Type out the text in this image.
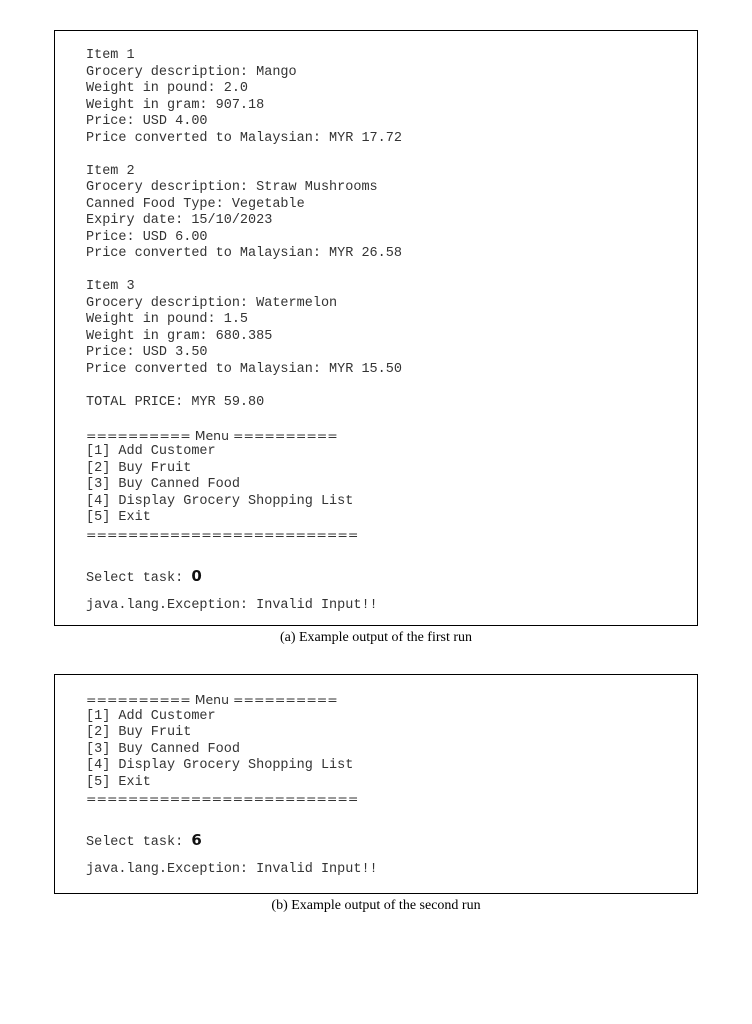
Item 1
Grocery description: Mango
Weight in pound: 2.0
Weight in gram: 907.18
Price: USD 4.00
Price converted to Malaysian: MYR 17.72
Item 2
Grocery description: Straw Mushrooms
Canned Food Type: Vegetable
Expiry date: 15/10/2023
Price: USD 6.00
Price converted to Malaysian: MYR 26.58
Item 3
Grocery description: Watermelon
Weight in pound: 1.5
Weight in gram: 680.385
Price: USD 3.50
Price converted to Malaysian: MYR 15.50
TOTAL PRICE: MYR 59.80
========== Menu ==========
[1] Add Customer
[2] Buy Fruit
[3] Buy Canned Food
[4] Display Grocery Shopping List
[5] Exit
==========================
Select task: 0
java.lang.Exception: Invalid Input!!
(a) Example output of the first run
========== Menu ==========
[1] Add Customer
[2] Buy Fruit
[3] Buy Canned Food
[4] Display Grocery Shopping List
[5] Exit
==========================
Select task: 6
java.lang.Exception: Invalid Input!!
(b) Example output of the second run
